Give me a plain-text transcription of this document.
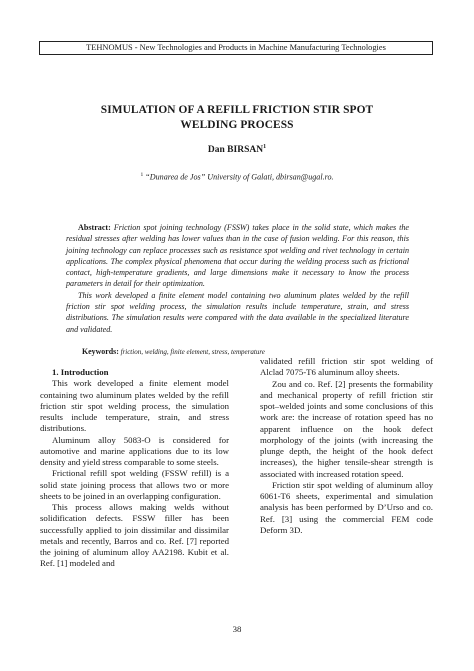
TEHNOMUS - New Technologies and Products in Machine Manufacturing Technologies
SIMULATION OF A REFILL FRICTION STIR SPOT
WELDING PROCESS
Dan BIRSAN$^1$
$^1$ “Dunarea de Jos” University of Galati, dbirsan@ugal.ro.

Abstract: Friction spot joining technology (FSSW) takes place in the solid state, which makes the residual stresses after welding has lower values than in the case of fusion welding. For this reason, this joining technology can replace processes such as resistance spot welding and rivet technology in certain applications. The complex physical phenomena that occur during the welding process such as frictional contact, high-temperature gradients, and large dimensions make it necessary to know the process parameters in detail for their optimization.

This work developed a finite element model containing two aluminum plates welded by the refill friction stir spot welding process, the simulation results include temperature, strain, and stress distributions. The simulation results were compared with the data available in the specialized literature and validated.

Keywords: friction, welding, finite element, stress, temperature

1. Introduction

This work developed a finite element model containing two aluminum plates welded by the refill friction stir spot welding process, the simulation results include temperature, strain, and stress distributions.

Aluminum alloy 5083-O is considered for automotive and marine applications due to its low density and yield stress comparable to some steels.

Frictional refill spot welding (FSSW refill) is a solid state joining process that allows two or more sheets to be joined in an overlapping configuration.

This process allows making welds without solidification defects. FSSW filler has been successfully applied to join dissimilar and dissimilar metals and recently, Barros and co. Ref. [7] reported the joining of aluminum alloy AA2198. Kubit et al. Ref. [1] modeled and

validated refill friction stir spot welding of Alclad 7075-T6 aluminum alloy sheets.

Zou and co. Ref. [2] presents the formability and mechanical property of refill friction stir spot–welded joints and some conclusions of this work are: the increase of rotation speed has no apparent influence on the hook defect morphology of the joints (with increasing the plunge depth, the height of the hook defect increases), the higher tensile-shear strength is associated with increased rotation speed.

Friction stir spot welding of aluminum alloy 6061-T6 sheets, experimental and simulation analysis has been performed by D’Urso and co. Ref. [3] using the commercial FEM code Deform 3D.

38
